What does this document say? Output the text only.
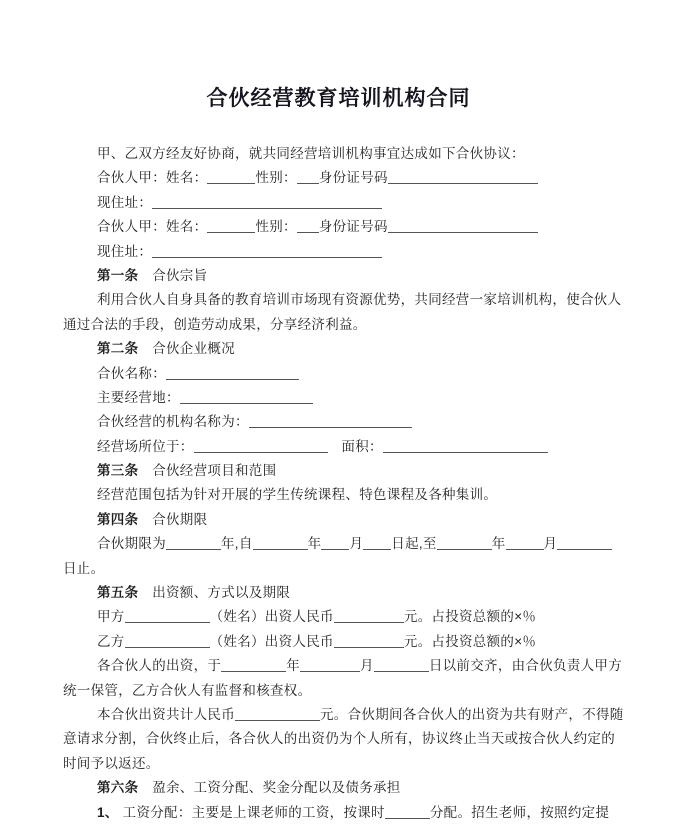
合伙经营教育培训机构合同
甲、乙双方经友好协商，就共同经营培训机构事宜达成如下合伙协议：
合伙人甲：姓名：	性别： 身份证号码
现住址：
合伙人甲：姓名：	性别： 身份证号码
现住址：
第一条　合伙宗旨
利用合伙人自身具备的教育培训市场现有资源优势，共同经营一家培训机构，使合伙人
通过合法的手段，创造劳动成果，分享经济利益。
第二条　合伙企业概况
合伙名称：
主要经营地：
合伙经营的机构名称为：
经营场所位于：	　面积：
第三条　合伙经营项目和范围
经营范围包括为针对开展的学生传统课程、特色课程及各种集训。
第四条　合伙期限
合伙期限为	年,自	年 月 日起,至	年	月
日止。
第五条　出资额、方式以及期限
甲方	（姓名）出资人民币	元。占投资总额的×％
乙方	（姓名）出资人民币	元。占投资总额的×％
各合伙人的出资，于	年	月	日以前交齐，由合伙负责人甲方
统一保管，乙方合伙人有监督和核查权。
本合伙出资共计人民币	元。合伙期间各合伙人的出资为共有财产，不得随
意请求分割，合伙终止后，各合伙人的出资仍为个人所有，协议终止当天或按合伙人约定的
时间予以返还。
第六条　盈余、工资分配、奖金分配以及债务承担
1、 工资分配：主要是上课老师的工资，按课时	分配。招生老师，按照约定提
